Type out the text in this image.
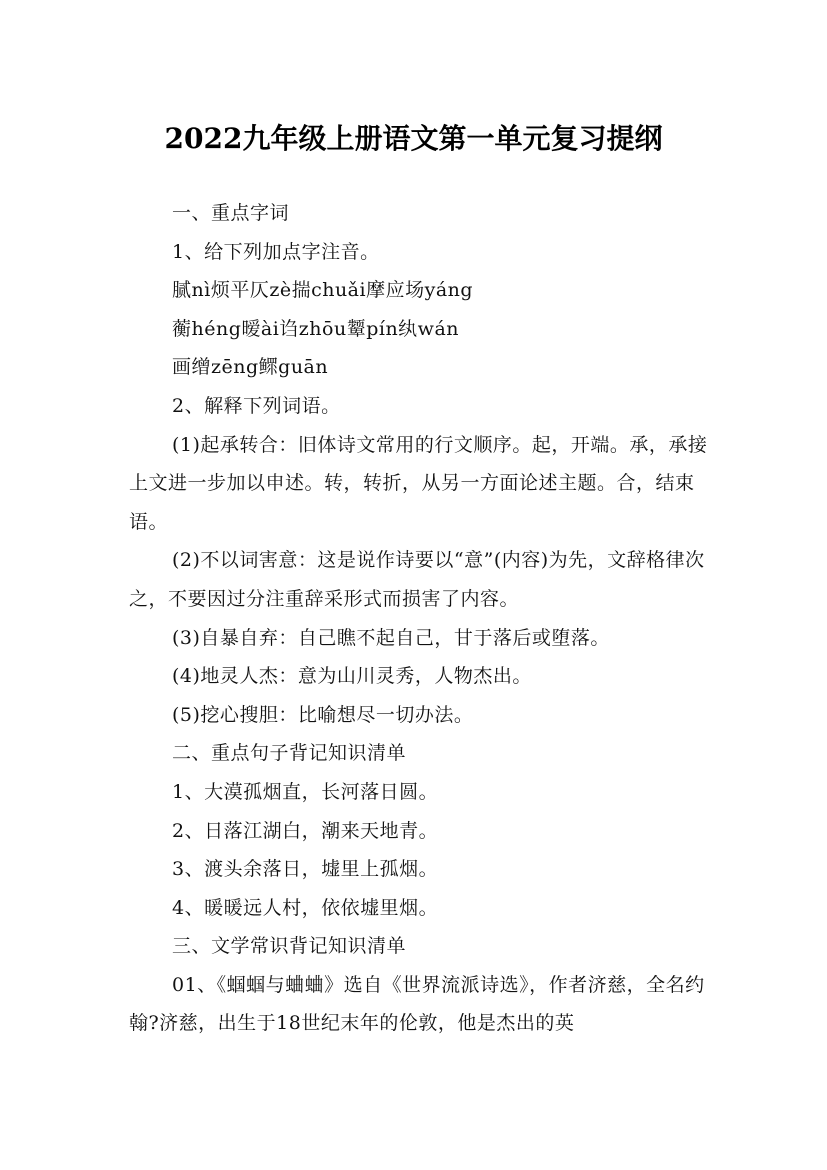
2022九年级上册语文第一单元复习提纲

一、重点字词

1、给下列加点字注音。

腻nì烦平仄zè揣chuǎi摩应场yáng

蘅héng暧ài诌zhōu颦pín纨wán

画缯zēng鳏guān

2、解释下列词语。

(1)起承转合：旧体诗文常用的行文顺序。起，开端。承，承接上文进一步加以申述。转，转折，从另一方面论述主题。合，结束语。

(2)不以词害意：这是说作诗要以“意”(内容)为先，文辞格律次之，不要因过分注重辞采形式而损害了内容。

(3)自暴自弃：自己瞧不起自己，甘于落后或堕落。

(4)地灵人杰：意为山川灵秀，人物杰出。

(5)挖心搜胆：比喻想尽一切办法。

二、重点句子背记知识清单

1、大漠孤烟直，长河落日圆。

2、日落江湖白，潮来天地青。

3、渡头余落日，墟里上孤烟。

4、暖暖远人村，依依墟里烟。

三、文学常识背记知识清单

01、《蝈蝈与蛐蛐》选自《世界流派诗选》，作者济慈，全名约翰?济慈，出生于18世纪末年的伦敦，他是杰出的英
